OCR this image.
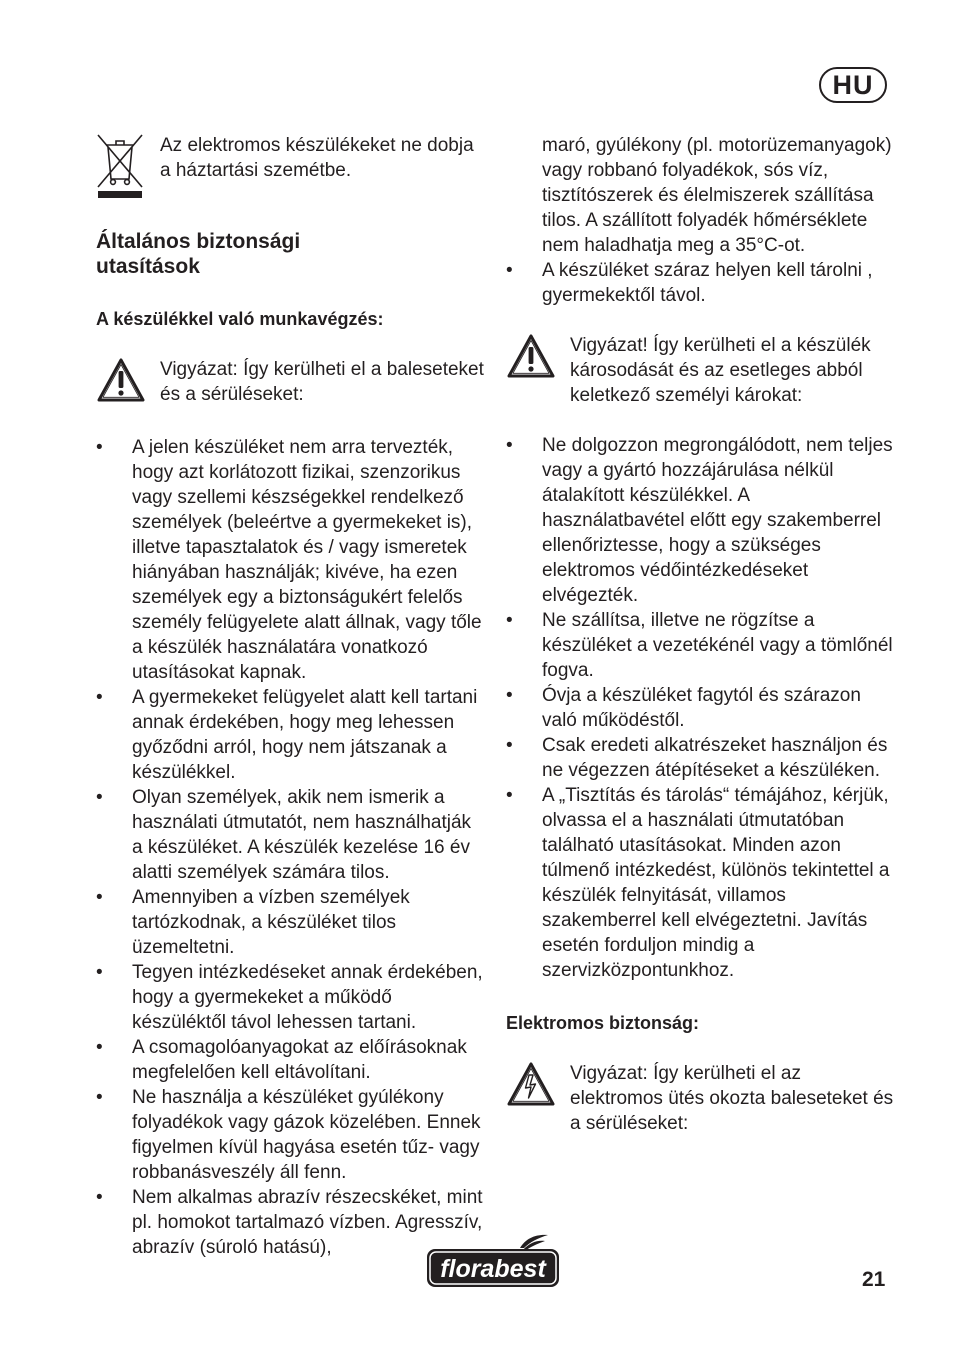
HU

Az elektromos készülékeket ne dobja a háztartási szemétbe.

Általános biztonsági
utasítások

A készülékkel való munkavégzés:

Vigyázat: Így kerülheti el a baleseteket és a sérüléseket:

• A jelen készüléket nem arra tervezték, hogy azt korlátozott fizikai, szenzorikus vagy szellemi készségekkel rendelkező személyek (beleértve a gyermekeket is), illetve tapasztalatok és / vagy ismeretek hiányában használják; kivéve, ha ezen személyek egy a biztonságukért felelős személy felügyelete alatt állnak, vagy tőle a készülék használatára vonatkozó utasításokat kapnak.
• A gyermekeket felügyelet alatt kell tartani annak érdekében, hogy meg lehessen győződni arról, hogy nem játszanak a készülékkel.
• Olyan személyek, akik nem ismerik a használati útmutatót, nem használhatják a készüléket. A készülék kezelése 16 év alatti személyek számára tilos.
• Amennyiben a vízben személyek tartózkodnak, a készüléket tilos üzemeltetni.
• Tegyen intézkedéseket annak érdekében, hogy a gyermekeket a működő készüléktől távol lehessen tartani.
• A csomagolóanyagokat az előírásoknak megfelelően kell eltávolítani.
• Ne használja a készüléket gyúlékony folyadékok vagy gázok közelében. Ennek figyelmen kívül hagyása esetén tűz- vagy robbanásveszély áll fenn.
• Nem alkalmas abrazív részecskéket, mint pl. homokot tartalmazó vízben. Agresszív, abrazív (súroló hatású),

maró, gyúlékony (pl. motorüzemanyagok) vagy robbanó folyadékok, sós víz, tisztítószerek és élelmiszerek szállítása tilos. A szállított folyadék hőmérséklete nem haladhatja meg a 35°C-ot.

• A készüléket száraz helyen kell tárolni , gyermekektől távol.

Vigyázat! Így kerülheti el a készülék károsodását és az esetleges abból keletkező személyi károkat:

• Ne dolgozzon megrongálódott, nem teljes vagy a gyártó hozzájárulása nélkül átalakított készülékkel. A használatbavétel előtt egy szakemberrel ellenőriztesse, hogy a szükséges elektromos védőintézkedéseket elvégezték.
• Ne szállítsa, illetve ne rögzítse a készüléket a vezetékénél vagy a tömlőnél fogva.
• Óvja a készüléket fagytól és szárazon való működéstől.
• Csak eredeti alkatrészeket használjon és ne végezzen átépítéseket a készüléken.
• A „Tisztítás és tárolás“ témájához, kérjük, olvassa el a használati útmutatóban található utasításokat. Minden azon túlmenő intézkedést, különös tekintettel a készülék felnyitását, villamos szakemberrel kell elvégeztetni. Javítás esetén forduljon mindig a szervizközpontunkhoz.

Elektromos biztonság:

Vigyázat: Így kerülheti el az elektromos ütés okozta baleseteket és a sérüléseket:

florabest	21
